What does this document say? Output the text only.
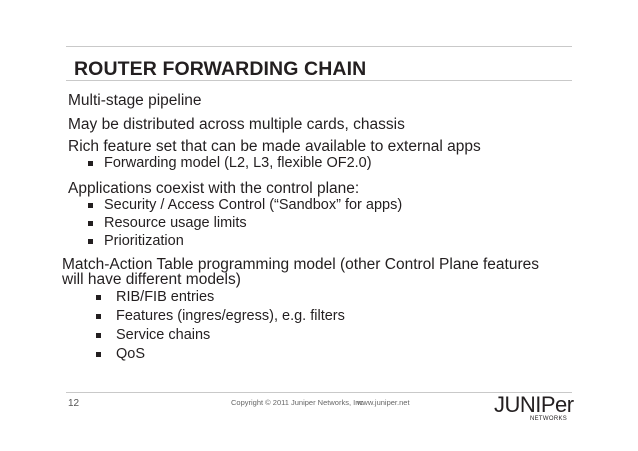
ROUTER FORWARDING CHAIN
Multi-stage pipeline
May be distributed across multiple cards, chassis
Rich feature set that can be made available to external apps
Forwarding model (L2, L3, flexible OF2.0)
Applications coexist with the control plane:
Security / Access Control (“Sandbox” for apps)
Resource usage limits
Prioritization
Match-Action Table programming model (other Control Plane features
will have different models)
RIB/FIB entries
Features (ingres/egress), e.g. filters
Service chains
QoS
12	Copyright © 2011 Juniper Networks, Inc.
www.juniper.net	JUNIPer
NETWORKS
